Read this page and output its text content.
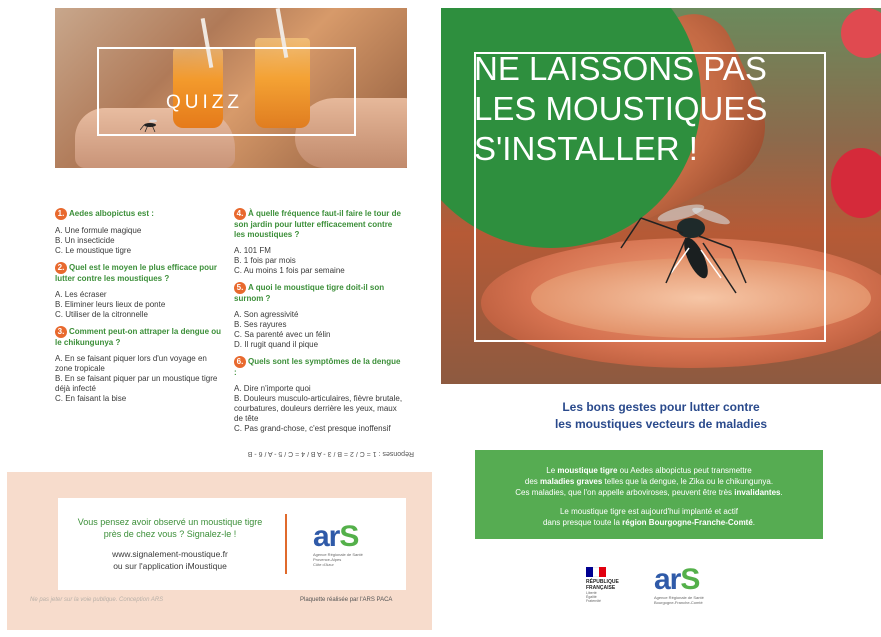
QUIZZ
1. Aedes albopictus est :
A. Une formule magique
B. Un insecticide
C. Le moustique tigre
2. Quel est le moyen le plus efficace pour lutter contre les moustiques ?
A. Les écraser
B. Eliminer leurs lieux de ponte
C. Utiliser de la citronnelle
3. Comment peut-on attraper la dengue ou le chikungunya ?
A. En se faisant piquer lors d'un voyage en zone tropicale
B. En se faisant piquer par un moustique tigre déjà infecté
C. En faisant la bise
4. À quelle fréquence faut-il faire le tour de son jardin pour lutter efficacement contre les moustiques ?
A. 101 FM
B. 1 fois par mois
C. Au moins 1 fois par semaine
5. A quoi le moustique tigre doit-il son surnom ?
A. Son agressivité
B. Ses rayures
C. Sa parenté avec un félin
D. Il rugit quand il pique
6. Quels sont les symptômes de la dengue :
A. Dire n'importe quoi
B. Douleurs musculo-articulaires, fièvre brutale, courbatures, douleurs derrière les yeux, maux de tête
C. Pas grand-chose, c'est presque inoffensif
Réponses : 1 = C / 2 = B / 3 - A B / 4 = C / 5 - A / 6 - B
Vous pensez avoir observé un moustique tigre près de chez vous ? Signalez-le !
www.signalement-moustique.fr
ou sur l'application iMoustique
arS
Agence Régionale de Santé
Provence-Alpes
Côte d'Azur
Ne pas jeter sur la voie publique. Conception ARS	Plaquette réalisée par l'ARS PACA
NE LAISSONS PAS
LES MOUSTIQUES
S'INSTALLER !
Les bons gestes pour lutter contre
les moustiques vecteurs de maladies
Le moustique tigre ou Aedes albopictus peut transmettre
des maladies graves telles que la dengue, le Zika ou le chikungunya.
Ces maladies, que l'on appelle arboviroses, peuvent être très invalidantes.
Le moustique tigre est aujourd'hui implanté et actif
dans presque toute la région Bourgogne-Franche-Comté.
RÉPUBLIQUE
FRANÇAISE
Liberté
Égalité
Fraternité
arS
Agence Régionale de Santé
Bourgogne-Franche-Comté
